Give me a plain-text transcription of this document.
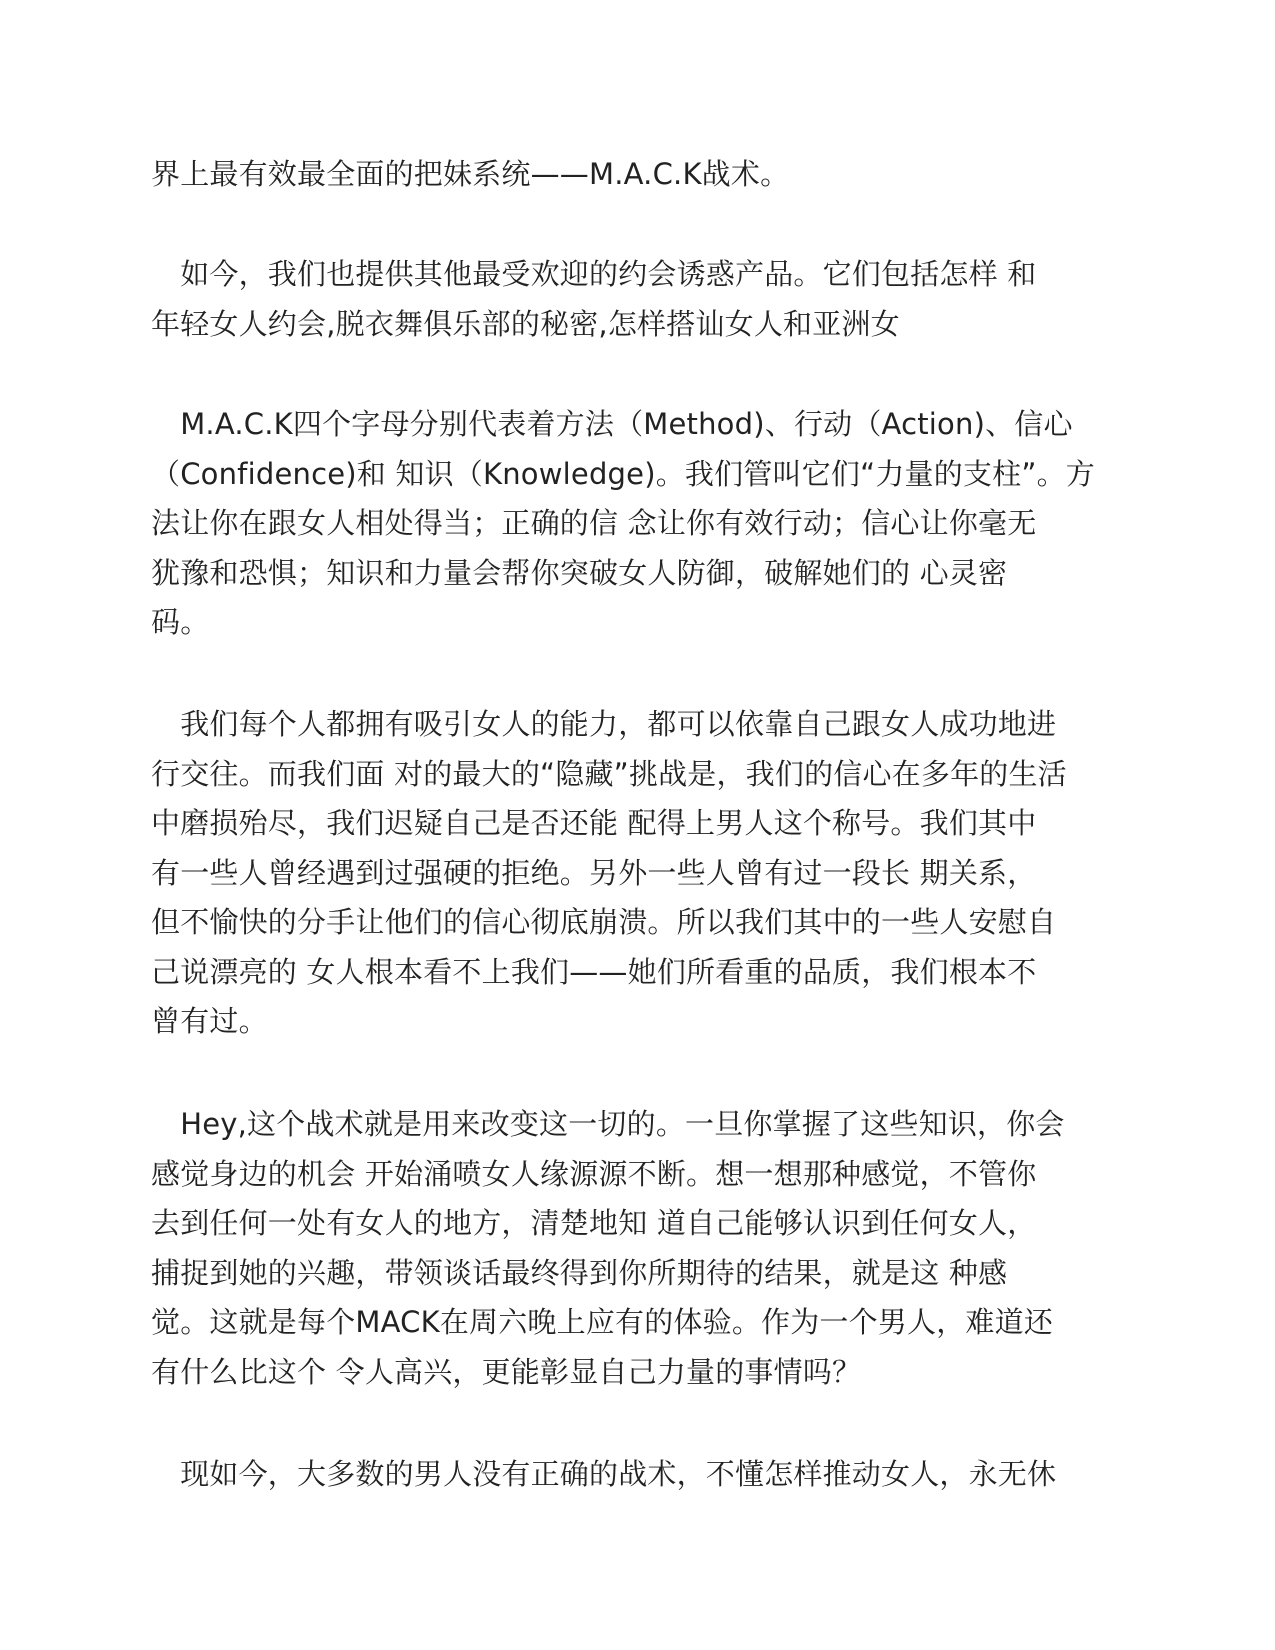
界上最有效最全面的把妹系统——M.A.C.K战术。
　如今，我们也提供其他最受欢迎的约会诱惑产品。它们包括怎样 和
年轻女人约会,脱衣舞俱乐部的秘密,怎样搭讪女人和亚洲女
　M.A.C.K四个字母分别代表着方法（Method)、行动（Action)、信心
（Confidence)和 知识（Knowledge)。我们管叫它们“力量的支柱”。方
法让你在跟女人相处得当；正确的信 念让你有效行动；信心让你毫无
犹豫和恐惧；知识和力量会帮你突破女人防御，破解她们的 心灵密
码。
　我们每个人都拥有吸引女人的能力，都可以依靠自己跟女人成功地进
行交往。而我们面 对的最大的“隐藏”挑战是，我们的信心在多年的生活
中磨损殆尽，我们迟疑自己是否还能 配得上男人这个称号。我们其中
有一些人曾经遇到过强硬的拒绝。另外一些人曾有过一段长 期关系，
但不愉快的分手让他们的信心彻底崩溃。所以我们其中的一些人安慰自
己说漂亮的 女人根本看不上我们——她们所看重的品质，我们根本不
曾有过。
　Hey,这个战术就是用来改变这一切的。一旦你掌握了这些知识，你会
感觉身边的机会 开始涌喷女人缘源源不断。想一想那种感觉，不管你
去到任何一处有女人的地方，清楚地知 道自己能够认识到任何女人，
捕捉到她的兴趣，带领谈话最终得到你所期待的结果，就是这 种感
觉。这就是每个MACK在周六晚上应有的体验。作为一个男人，难道还
有什么比这个 令人高兴，更能彰显自己力量的事情吗？
　现如今，大多数的男人没有正确的战术，不懂怎样推动女人，永无休
